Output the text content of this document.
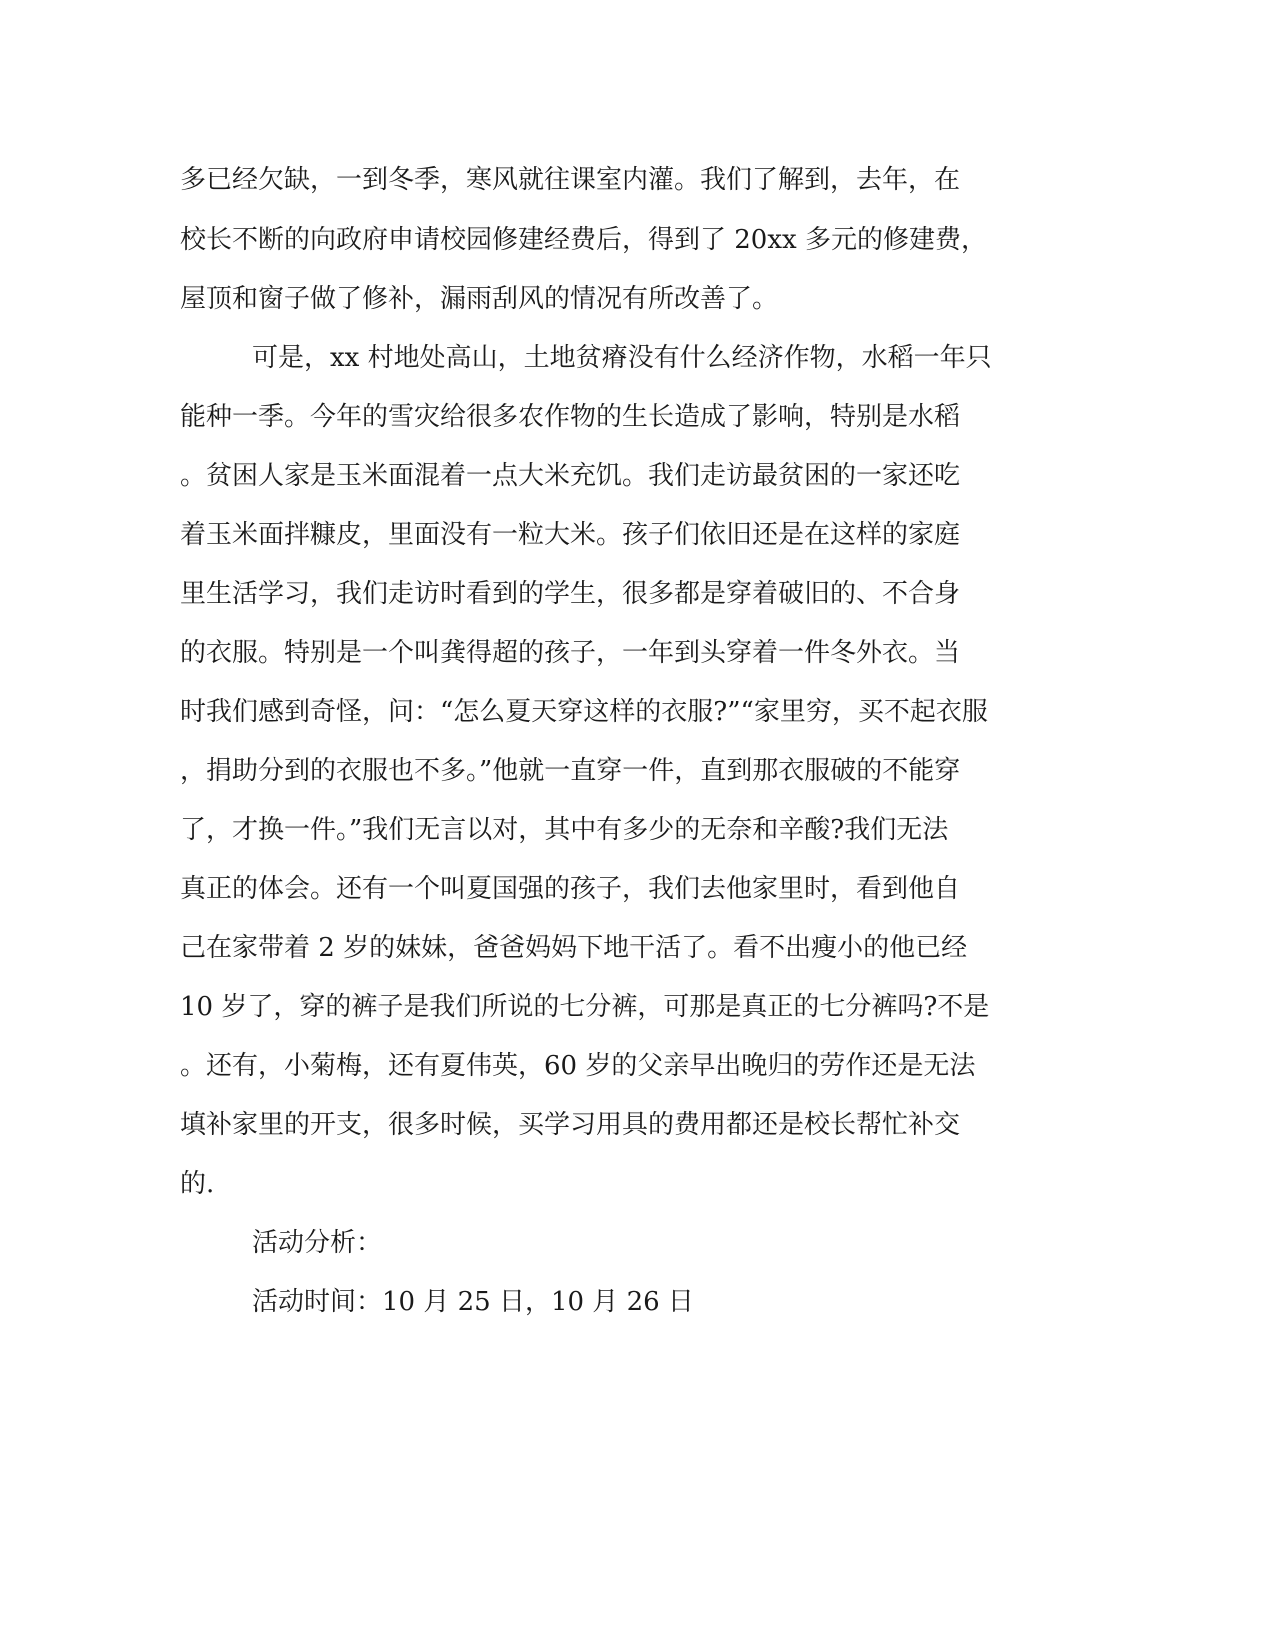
多已经欠缺，一到冬季，寒风就往课室内灌。我们了解到，去年，在
校长不断的向政府申请校园修建经费后，得到了 20xx 多元的修建费，
屋顶和窗子做了修补，漏雨刮风的情况有所改善了。
可是，xx 村地处高山，土地贫瘠没有什么经济作物，水稻一年只
能种一季。今年的雪灾给很多农作物的生长造成了影响，特别是水稻
。贫困人家是玉米面混着一点大米充饥。我们走访最贫困的一家还吃
着玉米面拌糠皮，里面没有一粒大米。孩子们依旧还是在这样的家庭
里生活学习，我们走访时看到的学生，很多都是穿着破旧的、不合身
的衣服。特别是一个叫龚得超的孩子，一年到头穿着一件冬外衣。当
时我们感到奇怪，问：“怎么夏天穿这样的衣服?”“家里穷，买不起衣服
，捐助分到的衣服也不多。”他就一直穿一件，直到那衣服破的不能穿
了，才换一件。”我们无言以对，其中有多少的无奈和辛酸?我们无法
真正的体会。还有一个叫夏国强的孩子，我们去他家里时，看到他自
己在家带着 2 岁的妹妹，爸爸妈妈下地干活了。看不出瘦小的他已经
10 岁了，穿的裤子是我们所说的七分裤，可那是真正的七分裤吗?不是
。还有，小菊梅，还有夏伟英，60 岁的父亲早出晚归的劳作还是无法
填补家里的开支，很多时候，买学习用具的费用都还是校长帮忙补交
的.
活动分析：
活动时间：10 月 25 日，10 月 26 日
